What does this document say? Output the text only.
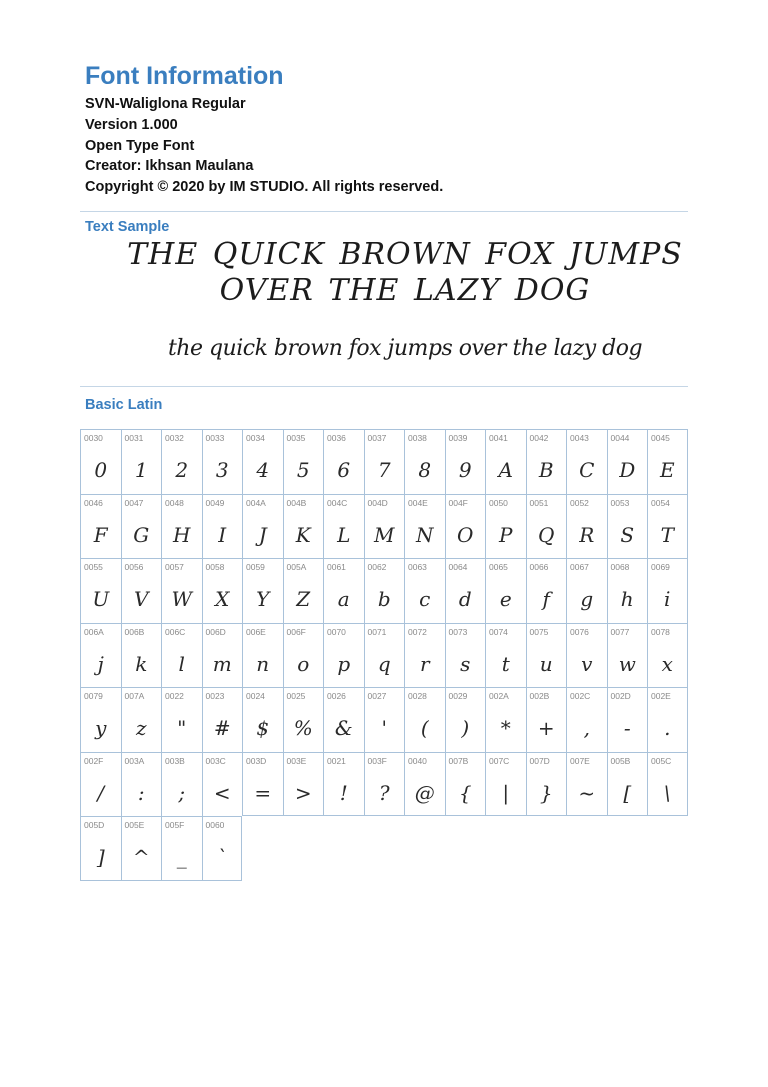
Font Information
SVN-Waliglona Regular
Version 1.000
Open Type Font
Creator: Ikhsan Maulana
Copyright © 2020 by IM STUDIO. All rights reserved.
Text Sample
THE QUICK BROWN FOX JUMPS OVER THE LAZY DOG
the quick brown fox jumps over the lazy dog
Basic Latin
0030
0
0031
1
0032
2
0033
3
0034
4
0035
5
0036
6
0037
7
0038
8
0039
9
0041
A
0042
B
0043
C
0044
D
0045
E
0046
F
0047
G
0048
H
0049
I
004A
J
004B
K
004C
L
004D
M
004E
N
004F
O
0050
P
0051
Q
0052
R
0053
S
0054
T
0055
U
0056
V
0057
W
0058
X
0059
Y
005A
Z
0061
a
0062
b
0063
c
0064
d
0065
e
0066
f
0067
g
0068
h
0069
i
006A
j
006B
k
006C
l
006D
m
006E
n
006F
o
0070
p
0071
q
0072
r
0073
s
0074
t
0075
u
0076
v
0077
w
0078
x
0079
y
007A
z
0022
"
0023
#
0024
$
0025
%
0026
&
0027
'
0028
(
0029
)
002A
*
002B
+
002C
,
002D
-
002E
.
002F
/
003A
:
003B
;
003C
<
003D
=
003E
>
0021
!
003F
?
0040
@
007B
{
007C
|
007D
}
007E
~
005B
[
005C
\
005D
]
005E
^
005F
_
0060
`
